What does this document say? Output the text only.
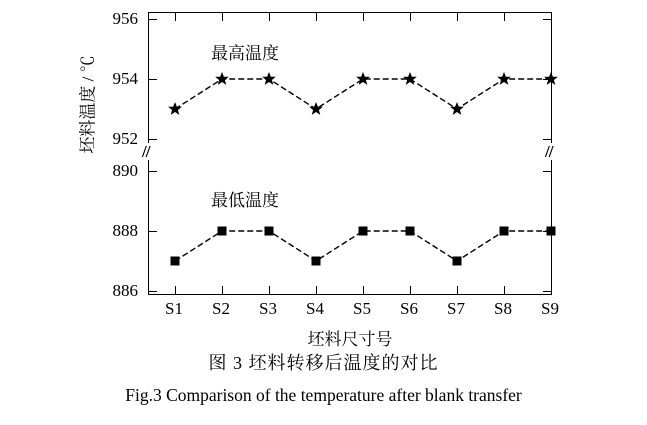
坯料温度 / ℃
最高温度
最低温度
956
954
952
890
888
886
//	//
S1	S2	S3	S4	S5	S6	S7	S8	S9
坯料尺寸号
图 3 坯料转移后温度的对比
Fig.3 Comparison of the temperature after blank transfer
